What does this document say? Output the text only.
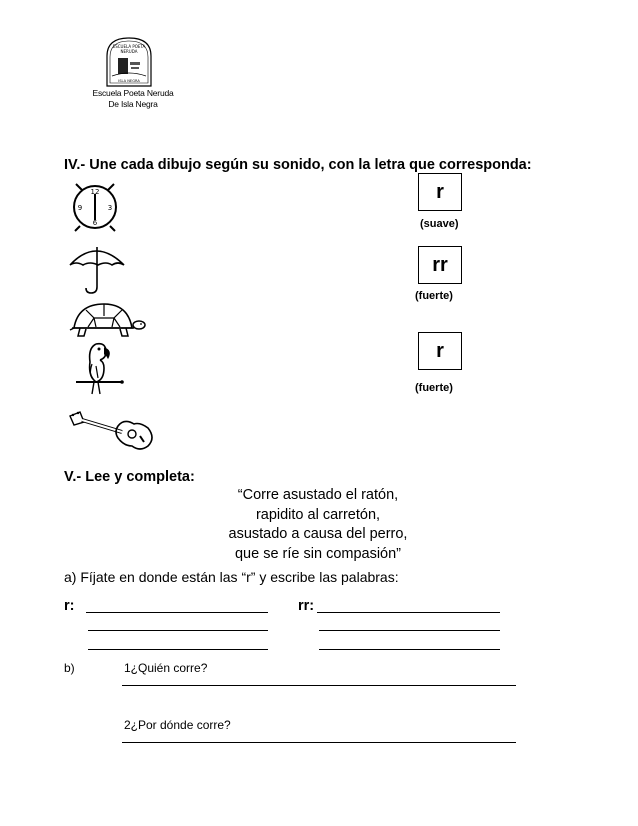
ESCUELA POETA
NERUDA
ISLA NEGRA
Escuela Poeta Neruda
De Isla Negra
IV.- Une cada dibujo según su sonido, con la letra que corresponda:
12
3
6
9
r
(suave)
rr
(fuerte)
r
(fuerte)
V.- Lee y completa:
“Corre asustado el ratón,
rapidito al carretón,
asustado a causa del perro,
que se ríe sin compasión”
a) Fíjate en donde están las “r” y escribe las palabras:
r:	rr:
b)	1¿Quién corre?
2¿Por dónde corre?
